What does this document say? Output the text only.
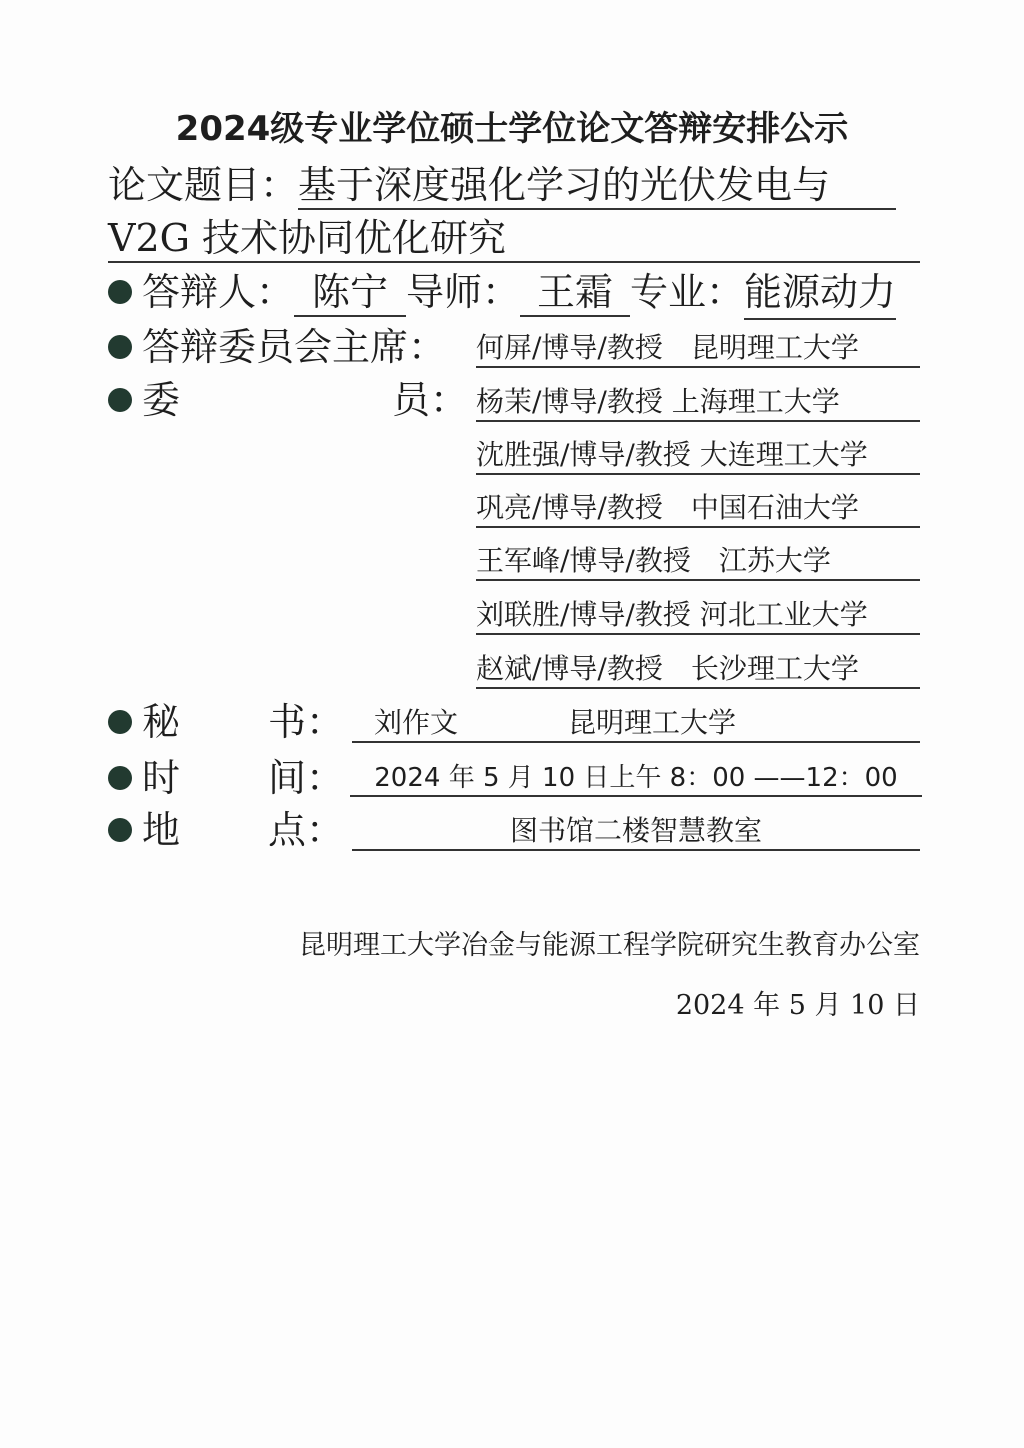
2024级专业学位硕士学位论文答辩安排公示
论文题目：基于深度强化学习的光伏发电与
V2G 技术协同优化研究
答辩人： 陈宁 导师： 王霜 专业：能源动力
答辩委员会主席： 何屏/博导/教授　昆明理工大学
委	员： 杨茉/博导/教授 上海理工大学
沈胜强/博导/教授 大连理工大学
巩亮/博导/教授　中国石油大学
王军峰/博导/教授　江苏大学
刘联胜/博导/教授 河北工业大学
赵斌/博导/教授　长沙理工大学
秘 书：	刘作文	昆明理工大学
时 间：	2024 年 5 月 10 日上午 8：00 ——12：00
地 点：	图书馆二楼智慧教室
昆明理工大学冶金与能源工程学院研究生教育办公室
2024 年 5 月 10 日
